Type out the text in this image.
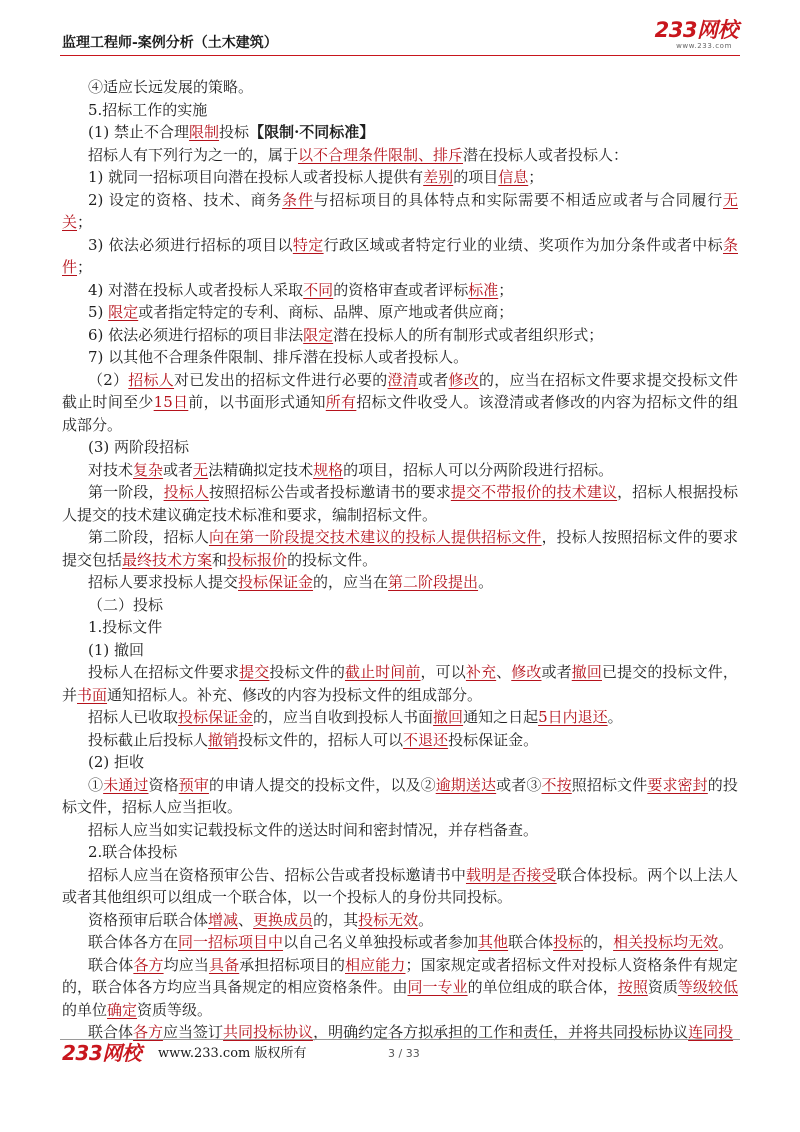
监理工程师-案例分析（土木建筑）
233网校
www.233.com

④适应长远发展的策略。

5.招标工作的实施

(1) 禁止不合理限制投标【限制·不同标准】

招标人有下列行为之一的，属于以不合理条件限制、排斥潜在投标人或者投标人：

1) 就同一招标项目向潜在投标人或者投标人提供有差别的项目信息；

2) 设定的资格、技术、商务条件与招标项目的具体特点和实际需要不相适应或者与合同履行无关；

3) 依法必须进行招标的项目以特定行政区域或者特定行业的业绩、奖项作为加分条件或者中标条件；

4) 对潜在投标人或者投标人采取不同的资格审查或者评标标准；

5) 限定或者指定特定的专利、商标、品牌、原产地或者供应商；

6) 依法必须进行招标的项目非法限定潜在投标人的所有制形式或者组织形式；

7) 以其他不合理条件限制、排斥潜在投标人或者投标人。

（2）招标人对已发出的招标文件进行必要的澄清或者修改的，应当在招标文件要求提交投标文件截止时间至少15日前，以书面形式通知所有招标文件收受人。该澄清或者修改的内容为招标文件的组成部分。

(3) 两阶段招标

对技术复杂或者无法精确拟定技术规格的项目，招标人可以分两阶段进行招标。

第一阶段，投标人按照招标公告或者投标邀请书的要求提交不带报价的技术建议，招标人根据投标人提交的技术建议确定技术标准和要求，编制招标文件。

第二阶段，招标人向在第一阶段提交技术建议的投标人提供招标文件，投标人按照招标文件的要求提交包括最终技术方案和投标报价的投标文件。

招标人要求投标人提交投标保证金的，应当在第二阶段提出。

（二）投标

1.投标文件

(1) 撤回

投标人在招标文件要求提交投标文件的截止时间前，可以补充、修改或者撤回已提交的投标文件，并书面通知招标人。补充、修改的内容为投标文件的组成部分。

招标人已收取投标保证金的，应当自收到投标人书面撤回通知之日起5日内退还。

投标截止后投标人撤销投标文件的，招标人可以不退还投标保证金。

(2) 拒收

①未通过资格预审的申请人提交的投标文件，以及②逾期送达或者③不按照招标文件要求密封的投标文件，招标人应当拒收。

招标人应当如实记载投标文件的送达时间和密封情况，并存档备查。

2.联合体投标

招标人应当在资格预审公告、招标公告或者投标邀请书中载明是否接受联合体投标。两个以上法人或者其他组织可以组成一个联合体，以一个投标人的身份共同投标。

资格预审后联合体增减、更换成员的，其投标无效。

联合体各方在同一招标项目中以自己名义单独投标或者参加其他联合体投标的，相关投标均无效。

联合体各方均应当具备承担招标项目的相应能力；国家规定或者招标文件对投标人资格条件有规定的，联合体各方均应当具备规定的相应资格条件。由同一专业的单位组成的联合体，按照资质等级较低的单位确定资质等级。

联合体各方应当签订共同投标协议，明确约定各方拟承担的工作和责任，并将共同投标协议连同投

233网校 www.233.com 版权所有	3 / 33
